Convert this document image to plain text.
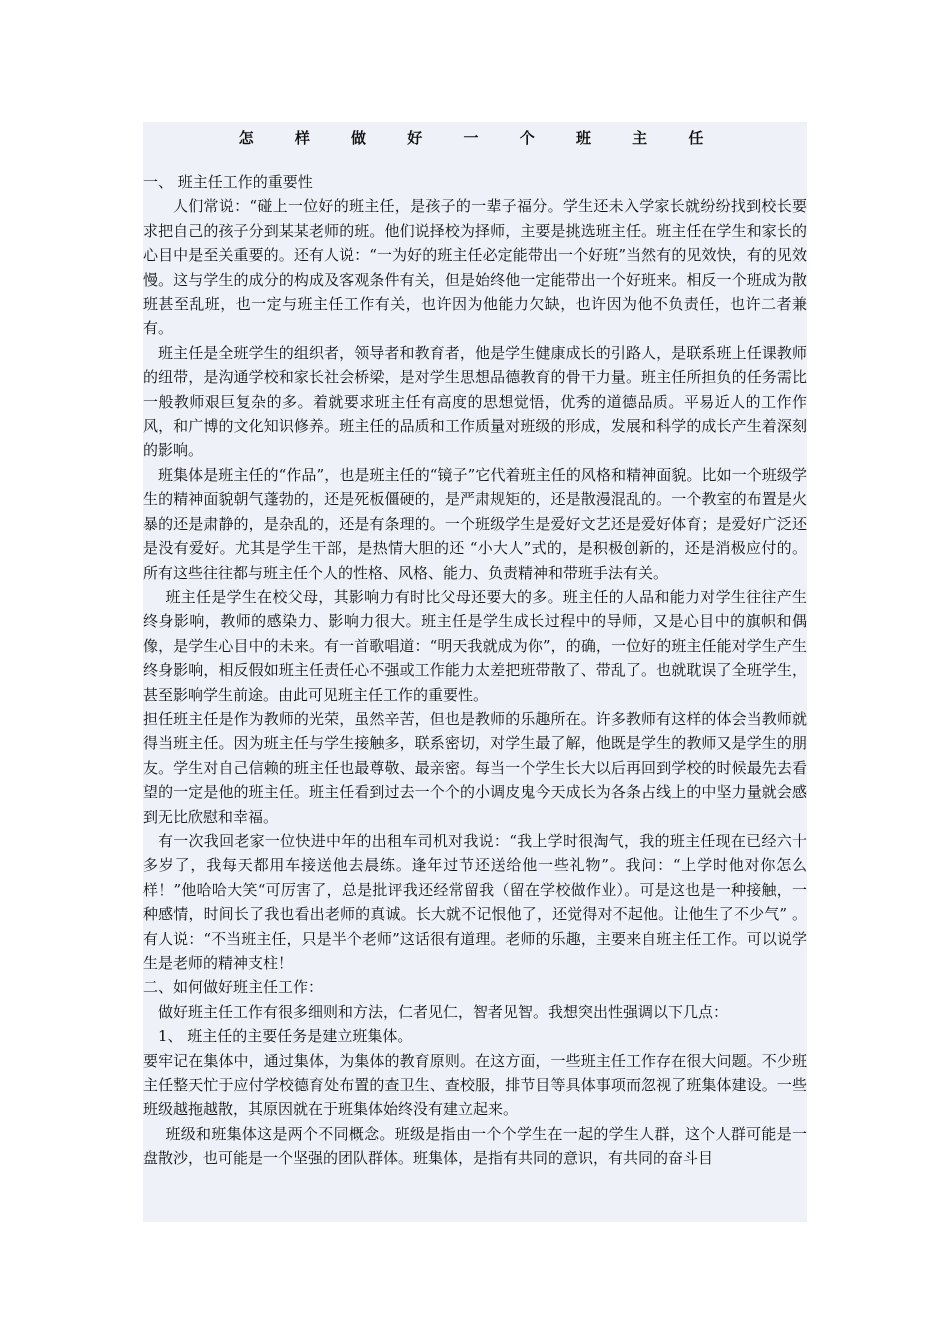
怎 样 做 好 一 个 班 主 任

一、 班主任工作的重要性

人们常说：“碰上一位好的班主任，是孩子的一辈子福分。学生还未入学家长就纷纷找到校长要求把自己的孩子分到某某老师的班。他们说择校为择师，主要是挑选班主任。班主任在学生和家长的心目中是至关重要的。还有人说：“一为好的班主任必定能带出一个好班”当然有的见效快，有的见效慢。这与学生的成分的构成及客观条件有关，但是始终他一定能带出一个好班来。相反一个班成为散班甚至乱班，也一定与班主任工作有关，也许因为他能力欠缺，也许因为他不负责任，也许二者兼有。

班主任是全班学生的组织者，领导者和教育者，他是学生健康成长的引路人，是联系班上任课教师的纽带，是沟通学校和家长社会桥梁，是对学生思想品德教育的骨干力量。班主任所担负的任务需比一般教师艰巨复杂的多。着就要求班主任有高度的思想觉悟，优秀的道德品质。平易近人的工作作风，和广博的文化知识修养。班主任的品质和工作质量对班级的形成，发展和科学的成长产生着深刻的影响。

班集体是班主任的“作品”，也是班主任的“镜子”它代着班主任的风格和精神面貌。比如一个班级学生的精神面貌朝气蓬勃的，还是死板僵硬的，是严肃规矩的，还是散漫混乱的。一个教室的布置是火暴的还是肃静的，是杂乱的，还是有条理的。一个班级学生是爱好文艺还是爱好体育；是爱好广泛还是没有爱好。尤其是学生干部，是热情大胆的还 “小大人”式的，是积极创新的，还是消极应付的。所有这些往往都与班主任个人的性格、风格、能力、负责精神和带班手法有关。

班主任是学生在校父母，其影响力有时比父母还要大的多。班主任的人品和能力对学生往往产生终身影响，教师的感染力、影响力很大。班主任是学生成长过程中的导师，又是心目中的旗帜和偶像，是学生心目中的未来。有一首歌唱道：“明天我就成为你”，的确，一位好的班主任能对学生产生终身影响，相反假如班主任责任心不强或工作能力太差把班带散了、带乱了。也就耽误了全班学生，甚至影响学生前途。由此可见班主任工作的重要性。

担任班主任是作为教师的光荣，虽然辛苦，但也是教师的乐趣所在。许多教师有这样的体会当教师就得当班主任。因为班主任与学生接触多，联系密切，对学生最了解，他既是学生的教师又是学生的朋友。学生对自己信赖的班主任也最尊敬、最亲密。每当一个学生长大以后再回到学校的时候最先去看望的一定是他的班主任。班主任看到过去一个个的小调皮鬼今天成长为各条占线上的中坚力量就会感到无比欣慰和幸福。

有一次我回老家一位快进中年的出租车司机对我说：“我上学时很淘气，我的班主任现在已经六十多岁了，我每天都用车接送他去晨练。逢年过节还送给他一些礼物”。我问：“上学时他对你怎么样！”他哈哈大笑“可厉害了，总是批评我还经常留我（留在学校做作业）。可是这也是一种接触，一种感情，时间长了我也看出老师的真诚。长大就不记恨他了，还觉得对不起他。让他生了不少气” 。有人说：“不当班主任，只是半个老师”这话很有道理。老师的乐趣，主要来自班主任工作。可以说学生是老师的精神支柱！

二、如何做好班主任工作：

做好班主任工作有很多细则和方法，仁者见仁，智者见智。我想突出性强调以下几点：

1、 班主任的主要任务是建立班集体。

要牢记在集体中，通过集体，为集体的教育原则。在这方面，一些班主任工作存在很大问题。不少班主任整天忙于应付学校德育处布置的查卫生、查校服，排节目等具体事项而忽视了班集体建设。一些班级越拖越散，其原因就在于班集体始终没有建立起来。

班级和班集体这是两个不同概念。班级是指由一个个学生在一起的学生人群，这个人群可能是一盘散沙，也可能是一个坚强的团队群体。班集体，是指有共同的意识，有共同的奋斗目
